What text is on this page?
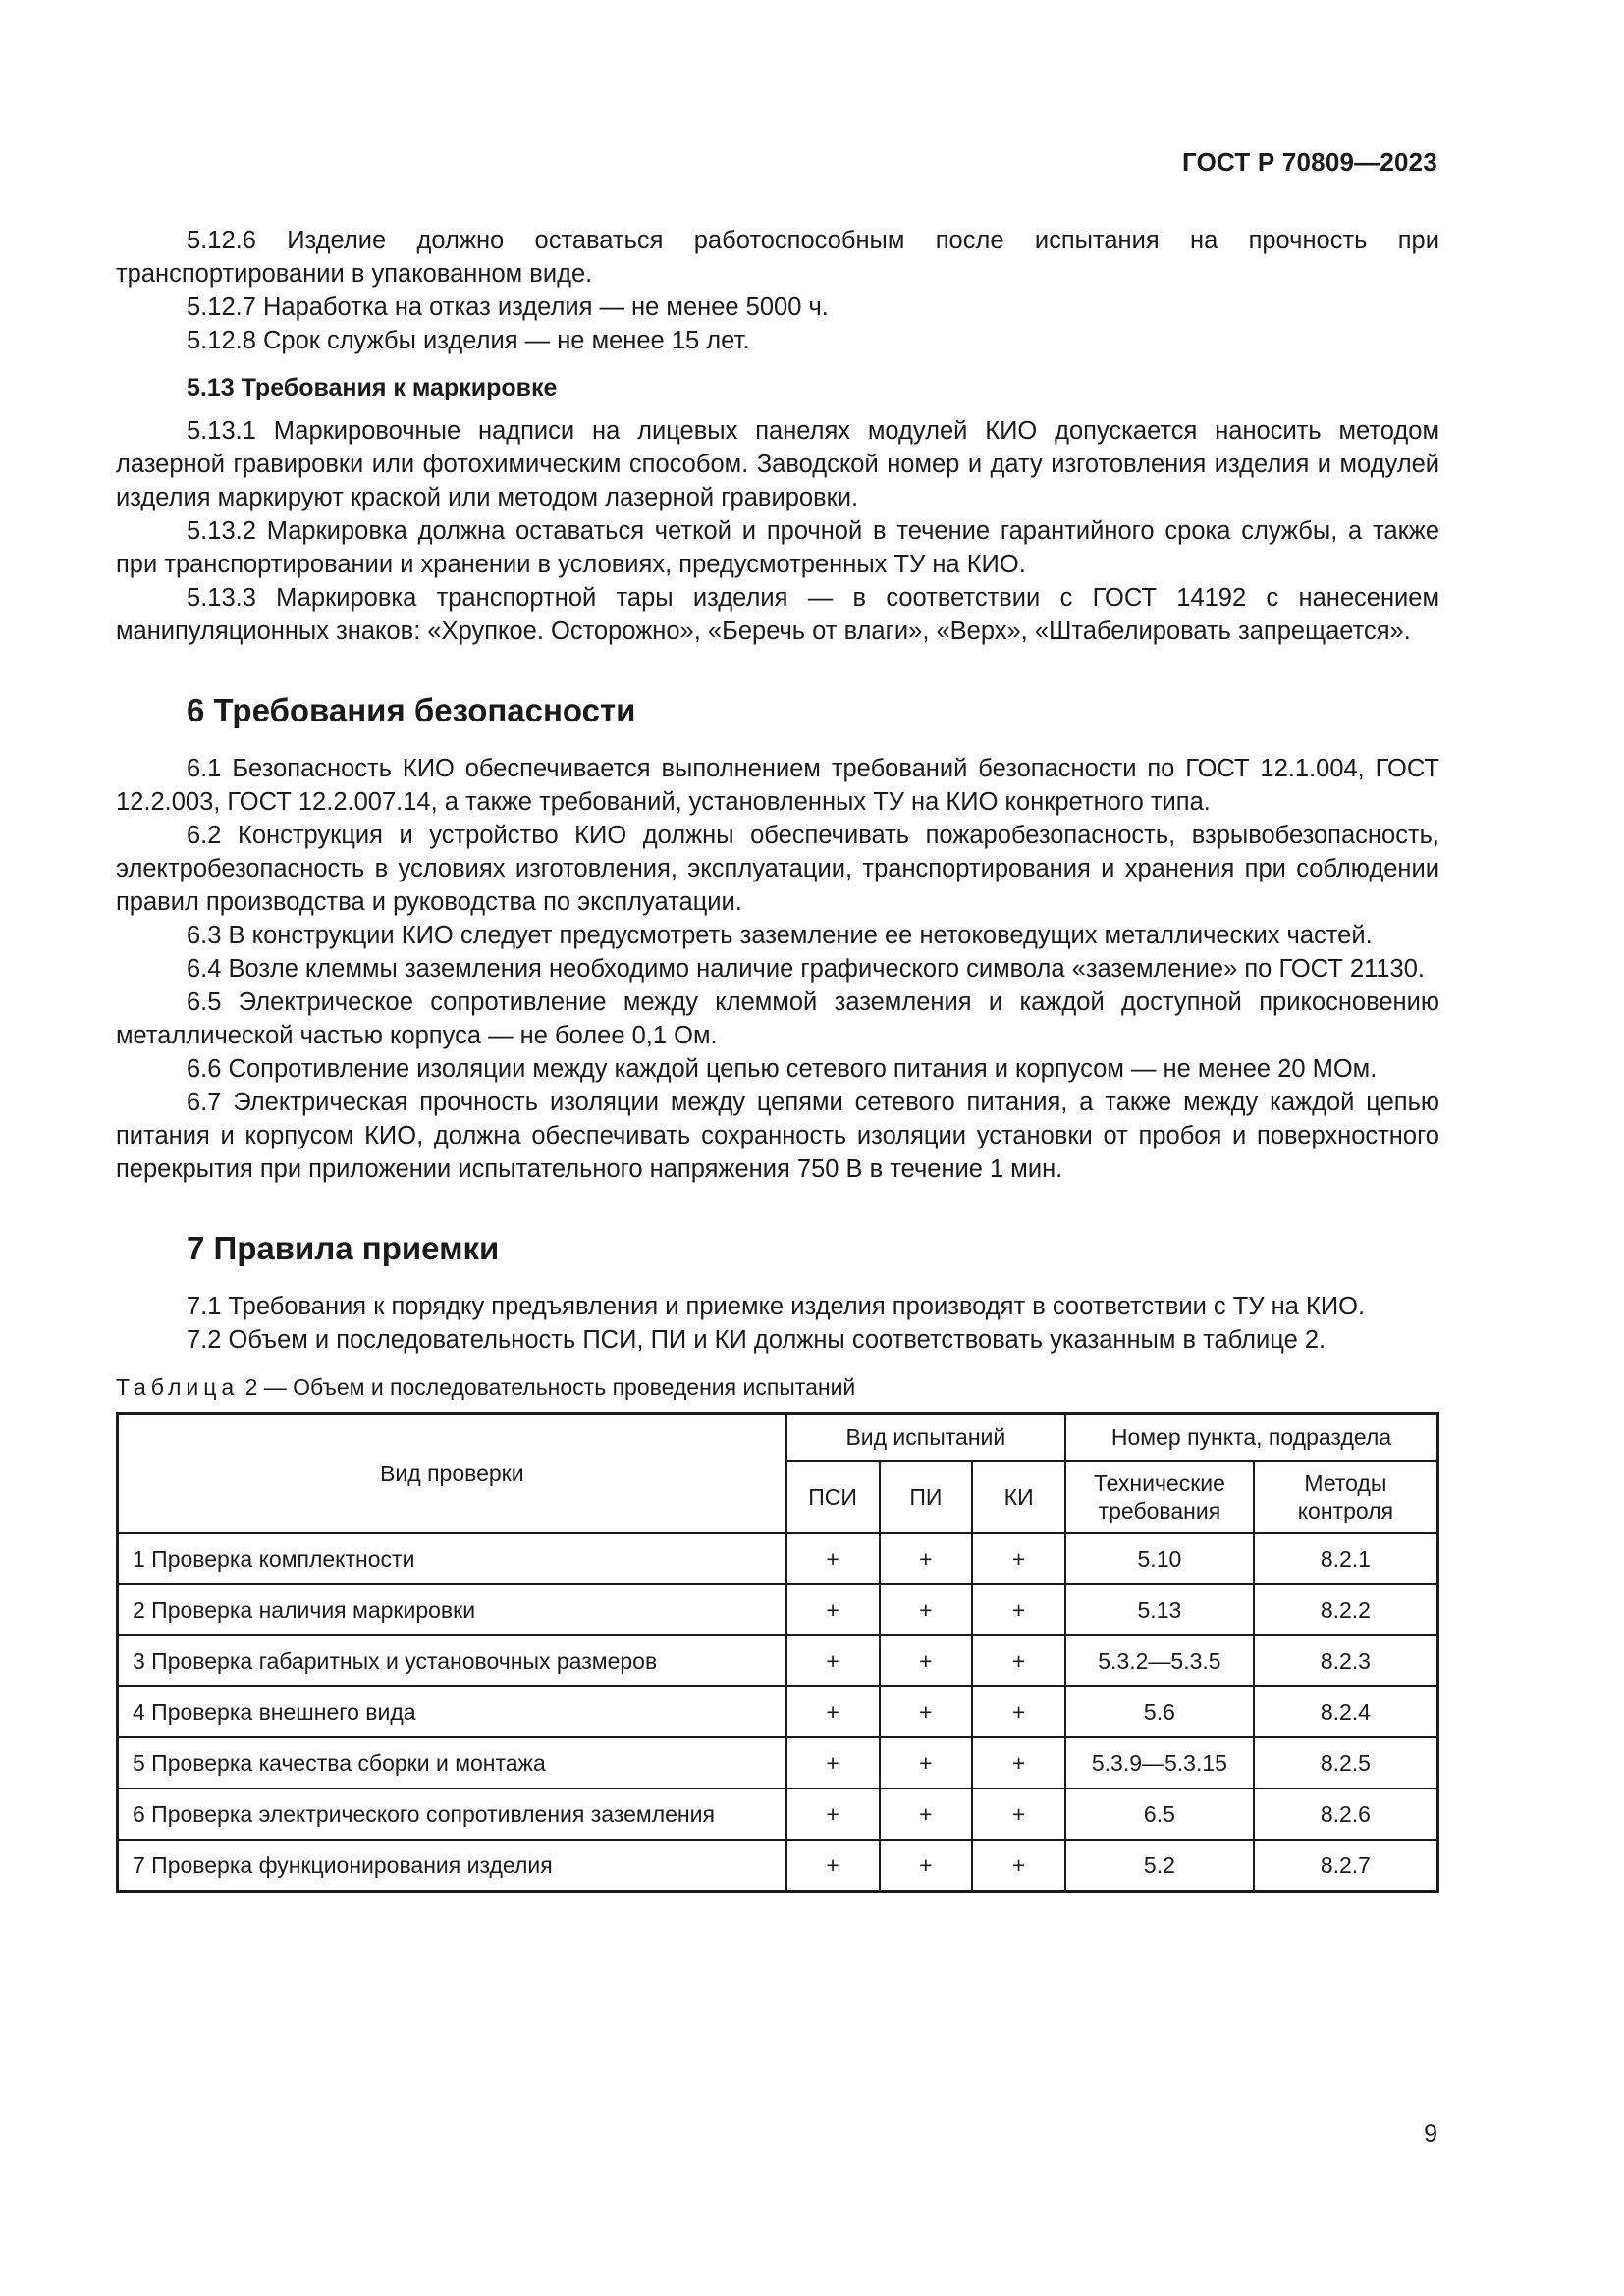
ГОСТ Р 70809—2023

5.12.6 Изделие должно оставаться работоспособным после испытания на прочность при транспортировании в упакованном виде.

5.12.7 Наработка на отказ изделия — не менее 5000 ч.

5.12.8 Срок службы изделия — не менее 15 лет.

5.13 Требования к маркировке

5.13.1 Маркировочные надписи на лицевых панелях модулей КИО допускается наносить методом лазерной гравировки или фотохимическим способом. Заводской номер и дату изготовления изделия и модулей изделия маркируют краской или методом лазерной гравировки.

5.13.2 Маркировка должна оставаться четкой и прочной в течение гарантийного срока службы, а также при транспортировании и хранении в условиях, предусмотренных ТУ на КИО.

5.13.3 Маркировка транспортной тары изделия — в соответствии с ГОСТ 14192 с нанесением манипуляционных знаков: «Хрупкое. Осторожно», «Беречь от влаги», «Верх», «Штабелировать запрещается».

6 Требования безопасности

6.1 Безопасность КИО обеспечивается выполнением требований безопасности по ГОСТ 12.1.004, ГОСТ 12.2.003, ГОСТ 12.2.007.14, а также требований, установленных ТУ на КИО конкретного типа.

6.2 Конструкция и устройство КИО должны обеспечивать пожаробезопасность, взрывобезопасность, электробезопасность в условиях изготовления, эксплуатации, транспортирования и хранения при соблюдении правил производства и руководства по эксплуатации.

6.3 В конструкции КИО следует предусмотреть заземление ее нетоковедущих металлических частей.

6.4 Возле клеммы заземления необходимо наличие графического символа «заземление» по ГОСТ 21130.

6.5 Электрическое сопротивление между клеммой заземления и каждой доступной прикосновению металлической частью корпуса — не более 0,1 Ом.

6.6 Сопротивление изоляции между каждой цепью сетевого питания и корпусом — не менее 20 МОм.

6.7 Электрическая прочность изоляции между цепями сетевого питания, а также между каждой цепью питания и корпусом КИО, должна обеспечивать сохранность изоляции установки от пробоя и поверхностного перекрытия при приложении испытательного напряжения 750 В в течение 1 мин.

7 Правила приемки

7.1 Требования к порядку предъявления и приемке изделия производят в соответствии с ТУ на КИО.

7.2 Объем и последовательность ПСИ, ПИ и КИ должны соответствовать указанным в таблице 2.

Таблица 2 — Объем и последовательность проведения испытаний
Вид проверки	Вид испытаний			Номер пункта, подраздела	
	ПСИ	ПИ	КИ	Технические требования	Методы контроля
1 Проверка комплектности	+	+	+	5.10	8.2.1
2 Проверка наличия маркировки	+	+	+	5.13	8.2.2
3 Проверка габаритных и установочных размеров	+	+	+	5.3.2—5.3.5	8.2.3
4 Проверка внешнего вида	+	+	+	5.6	8.2.4
5 Проверка качества сборки и монтажа	+	+	+	5.3.9—5.3.15	8.2.5
6 Проверка электрического сопротивления заземления	+	+	+	6.5	8.2.6
7 Проверка функционирования изделия	+	+	+	5.2	8.2.7
9
